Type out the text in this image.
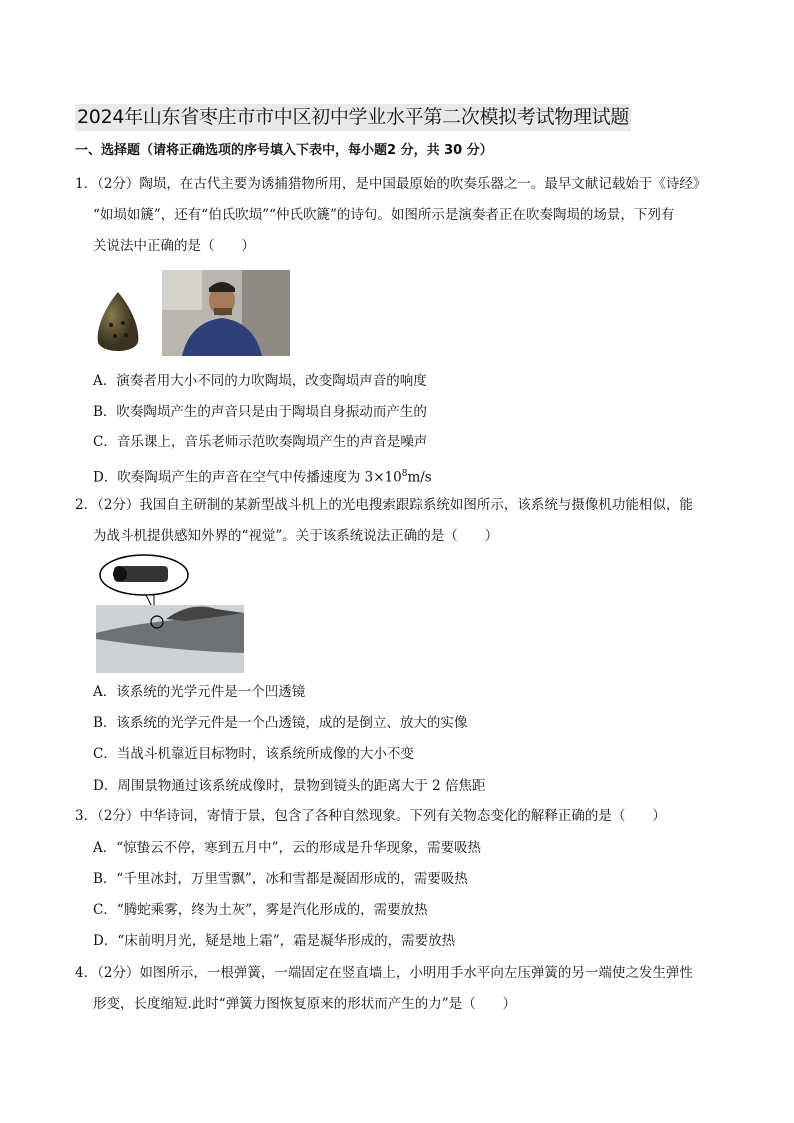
2024年山东省枣庄市市中区初中学业水平第二次模拟考试物理试题
一、选择题（请将正确选项的序号填入下表中，每小题2 分，共 30 分）
1．（2分）陶埙，在古代主要为诱捕猎物所用，是中国最原始的吹奏乐器之一。最早文献记载始于《诗经》
“如埙如篪”，还有“伯氏吹埙”“仲氏吹篪”的诗句。如图所示是演奏者正在吹奏陶埙的场景，下列有
关说法中正确的是（　　）
A．演奏者用大小不同的力吹陶埙，改变陶埙声音的响度
B．吹奏陶埙产生的声音只是由于陶埙自身振动而产生的
C．音乐课上，音乐老师示范吹奏陶埙产生的声音是噪声
D．吹奏陶埙产生的声音在空气中传播速度为 $3\times 10^8m/s$
2．（2分）我国自主研制的某新型战斗机上的光电搜索跟踪系统如图所示，该系统与摄像机功能相似，能
为战斗机提供感知外界的“视觉”。关于该系统说法正确的是（　　）
A．该系统的光学元件是一个凹透镜
B．该系统的光学元件是一个凸透镜，成的是倒立、放大的实像
C．当战斗机靠近目标物时，该系统所成像的大小不变
D．周围景物通过该系统成像时，景物到镜头的距离大于 2 倍焦距
3．（2分）中华诗词，寄情于景，包含了各种自然现象。下列有关物态变化的解释正确的是（　　）
A．“惊蛰云不停，寒到五月中”，云的形成是升华现象，需要吸热
B．“千里冰封，万里雪飘”，冰和雪都是凝固形成的，需要吸热
C．“腾蛇乘雾，终为土灰”，雾是汽化形成的，需要放热
D．“床前明月光，疑是地上霜”，霜是凝华形成的，需要放热
4．（2分）如图所示，一根弹簧，一端固定在竖直墙上，小明用手水平向左压弹簧的另一端使之发生弹性
形变，长度缩短.此时“弹簧力图恢复原来的形状而产生的力”是（　　）
